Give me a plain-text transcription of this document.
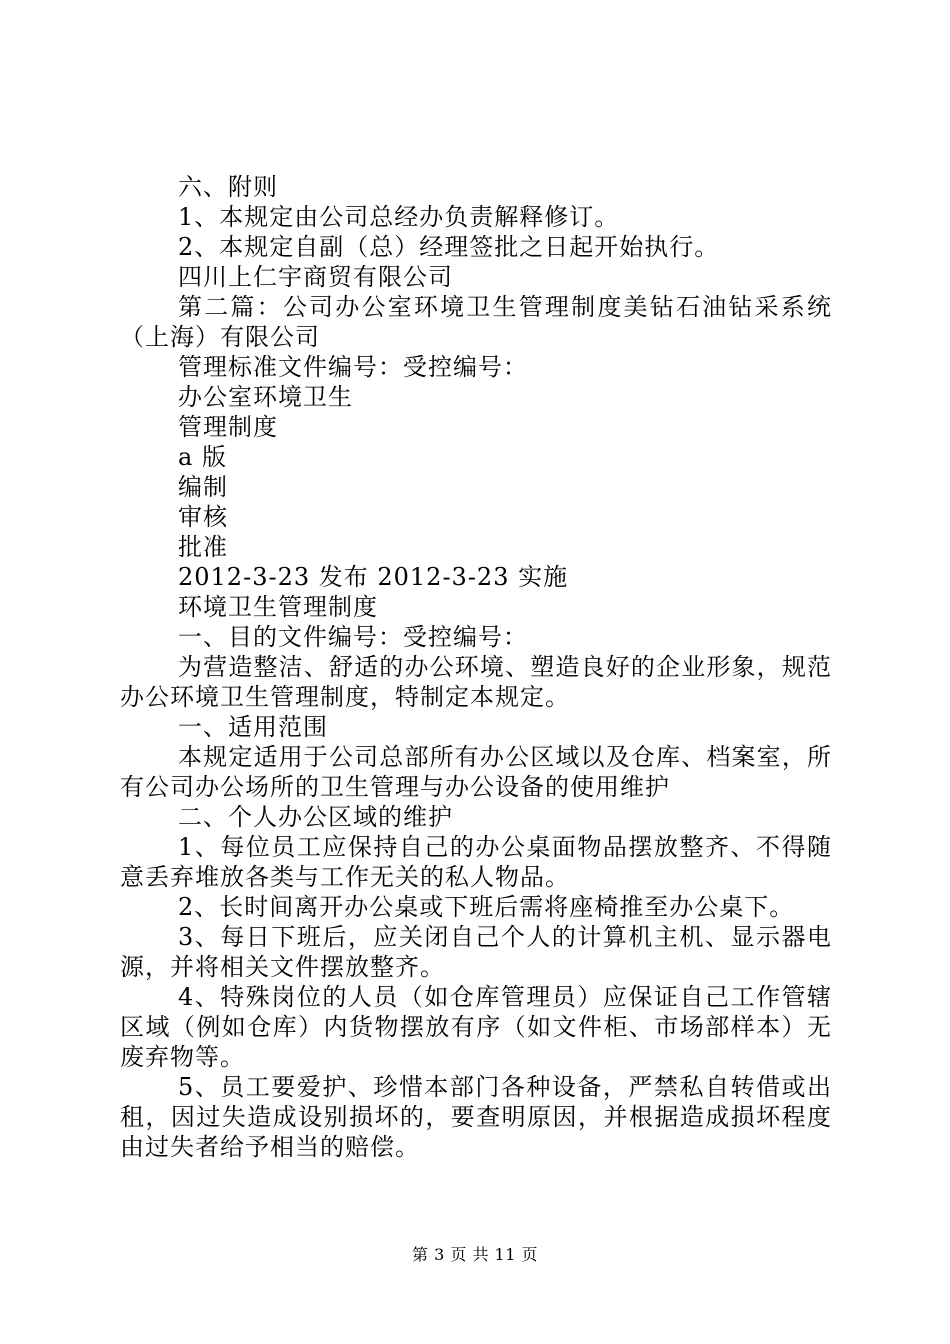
六、附则

1、本规定由公司总经办负责解释修订。

2、本规定自副（总）经理签批之日起开始执行。

四川上仁宇商贸有限公司

第二篇：公司办公室环境卫生管理制度美钻石油钻采系统（上海）有限公司

管理标准文件编号：受控编号：

办公室环境卫生

管理制度

a 版

编制

审核

批准

2012-3-23 发布 2012-3-23 实施

环境卫生管理制度

一、目的文件编号：受控编号：

为营造整洁、舒适的办公环境、塑造良好的企业形象，规范办公环境卫生管理制度，特制定本规定。

一、适用范围

本规定适用于公司总部所有办公区域以及仓库、档案室，所有公司办公场所的卫生管理与办公设备的使用维护

二、个人办公区域的维护

1、每位员工应保持自己的办公桌面物品摆放整齐、不得随意丢弃堆放各类与工作无关的私人物品。

2、长时间离开办公桌或下班后需将座椅推至办公桌下。

3、每日下班后，应关闭自己个人的计算机主机、显示器电源，并将相关文件摆放整齐。

4、特殊岗位的人员（如仓库管理员）应保证自己工作管辖区域（例如仓库）内货物摆放有序（如文件柜、市场部样本）无废弃物等。

5、员工要爱护、珍惜本部门各种设备，严禁私自转借或出租，因过失造成设别损坏的，要查明原因，并根据造成损坏程度由过失者给予相当的赔偿。

第 3 页 共 11 页
